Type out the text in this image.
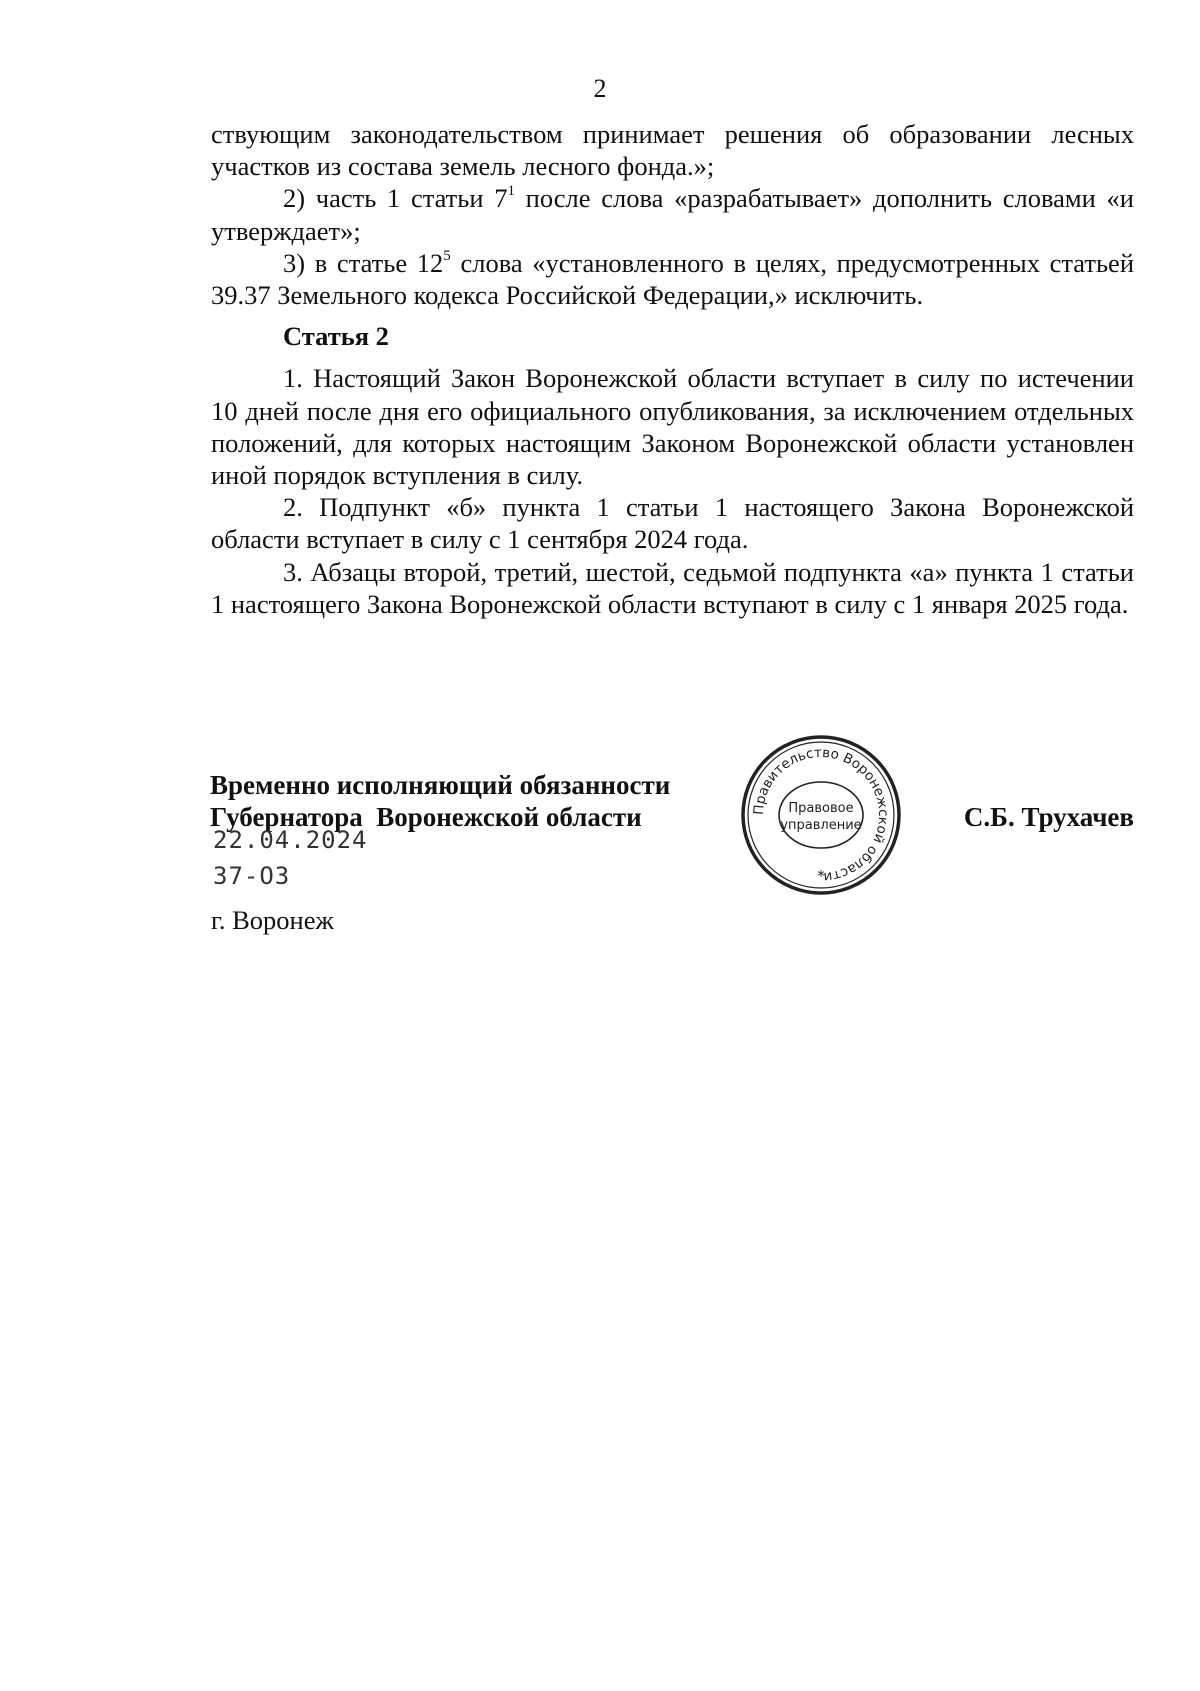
2

ствующим законодательством принимает решения об образовании лесных участков из состава земель лесного фонда.»;

2) часть 1 статьи $7^1$ после слова «разрабатывает» дополнить словами «и утверждает»;

3) в статье $12^5$ слова «установленного в целях, предусмотренных статьей 39.37 Земельного кодекса Российской Федерации,» исключить.

Статья 2

1. Настоящий Закон Воронежской области вступает в силу по истечении 10 дней после дня его официального опубликования, за исключением отдельных положений, для которых настоящим Законом Воронежской области установлен иной порядок вступления в силу.

2. Подпункт «б» пункта 1 статьи 1 настоящего Закона Воронежской области вступает в силу с 1 сентября 2024 года.

3. Абзацы второй, третий, шестой, седьмой подпункта «а» пункта 1 статьи 1 настоящего Закона Воронежской области вступают в силу с 1 января 2025 года.

Временно исполняющий обязанности
Губернатора  Воронежской области
22.04.2024
37-ОЗ
г. Воронеж
С.Б. Трухачев
Правительство Воронежской области
Правовое
управление
*
